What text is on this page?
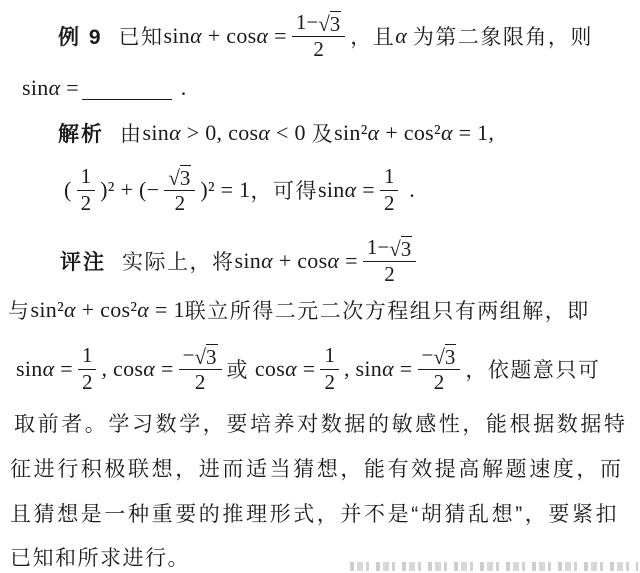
例 9 已知 $\sin\alpha + \cos\alpha = \frac{1- √ 3}{2}$ ，且 α 为第二象限角，则
sinα =	.
解析 由 sinα > 0, cosα < 0 及 sin²α + cos²α = 1,
( $\frac{1}{2} )^2$ + (− $\frac{√ 3}{2} )^2 = 1$ ，可得 $\sin\alpha = \frac{1}{2}$ .
评注 实际上，将 $\sin\alpha + \cos\alpha = \frac{1- √ 3}{2}$
与 sin²α + cos²α = 1 联立所得二元二次方程组只有两组解，即
$\sin\alpha = \frac{1}{2}$ , $\cos\alpha = \frac{- √ 3}{2}$ 或 $\cos\alpha = \frac{1}{2}$ , $\sin\alpha = \frac{- √ 3}{2}$ ，依题意只可
取前者。学习数学，要培养对数据的敏感性，能根据数据特
征进行积极联想，进而适当猜想，能有效提高解题速度，而
且猜想是一种重要的推理形式，并不是“胡猜乱想”，要紧扣
已知和所求进行。
